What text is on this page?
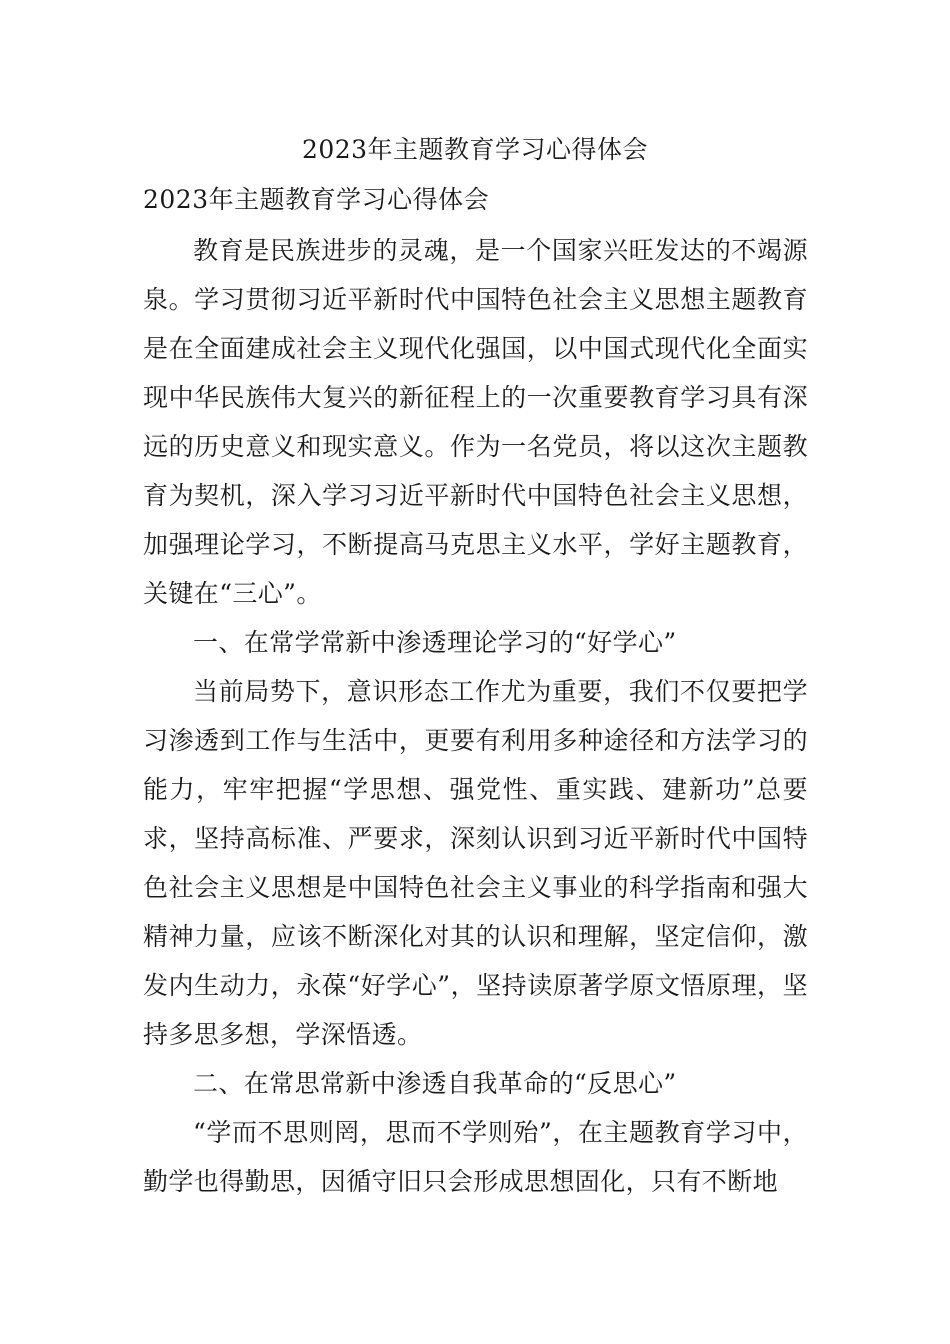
2023年主题教育学习心得体会
2023年主题教育学习心得体会

教育是民族进步的灵魂，是一个国家兴旺发达的不竭源泉。学习贯彻习近平新时代中国特色社会主义思想主题教育是在全面建成社会主义现代化强国，以中国式现代化全面实现中华民族伟大复兴的新征程上的一次重要教育学习具有深远的历史意义和现实意义。作为一名党员，将以这次主题教育为契机，深入学习习近平新时代中国特色社会主义思想，加强理论学习，不断提高马克思主义水平，学好主题教育，关键在“三心”。

一、在常学常新中渗透理论学习的“好学心”

当前局势下，意识形态工作尤为重要，我们不仅要把学习渗透到工作与生活中，更要有利用多种途径和方法学习的能力，牢牢把握“学思想、强党性、重实践、建新功”总要求，坚持高标准、严要求，深刻认识到习近平新时代中国特色社会主义思想是中国特色社会主义事业的科学指南和强大精神力量，应该不断深化对其的认识和理解，坚定信仰，激发内生动力，永葆“好学心”，坚持读原著学原文悟原理，坚持多思多想，学深悟透。

二、在常思常新中渗透自我革命的“反思心”

“学而不思则罔，思而不学则殆”，在主题教育学习中，勤学也得勤思，因循守旧只会形成思想固化，只有不断地
